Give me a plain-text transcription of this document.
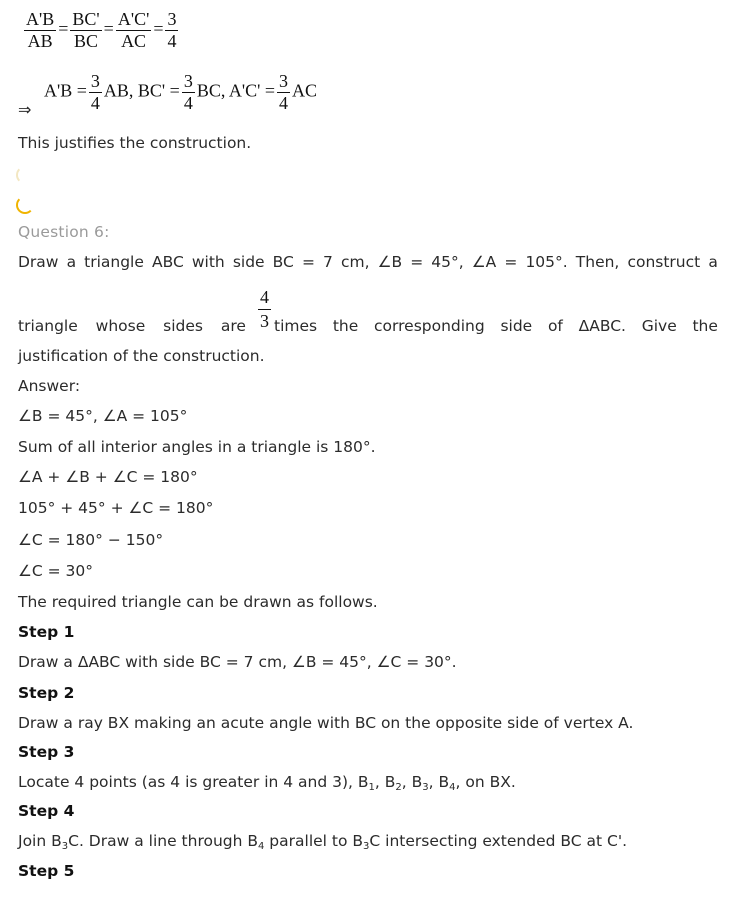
$\frac{A'B}{AB} = \frac{BC'}{BC} = \frac{A'C'}{AC} = \frac{3}{4}$
⇒
$A'B = \frac{3}{4}$ AB, $BC' = \frac{3}{4}$ BC, $A'C' = \frac{3}{4}$ AC
This justifies the construction.
Question 6:
Draw a triangle ABC with side BC = 7 cm, ∠B = 45°, ∠A = 105°. Then, construct a
$\frac{4}{3}$
triangle whose sides are times the corresponding side of ΔABC. Give the
justification of the construction.
Answer:
∠B = 45°, ∠A = 105°
Sum of all interior angles in a triangle is 180°.
∠A + ∠B + ∠C = 180°
105° + 45° + ∠C = 180°
∠C = 180° − 150°
∠C = 30°
The required triangle can be drawn as follows.
Step 1
Draw a ΔABC with side BC = 7 cm, ∠B = 45°, ∠C = 30°.
Step 2
Draw a ray BX making an acute angle with BC on the opposite side of vertex A.
Step 3
Locate 4 points (as 4 is greater in 4 and 3), $B_1$, $B_2$, $B_3$, $B_4$, on BX.
Step 4
Join $B_3C$. Draw a line through $B_4$ parallel to $B_3C$ intersecting extended BC at C'.
Step 5
